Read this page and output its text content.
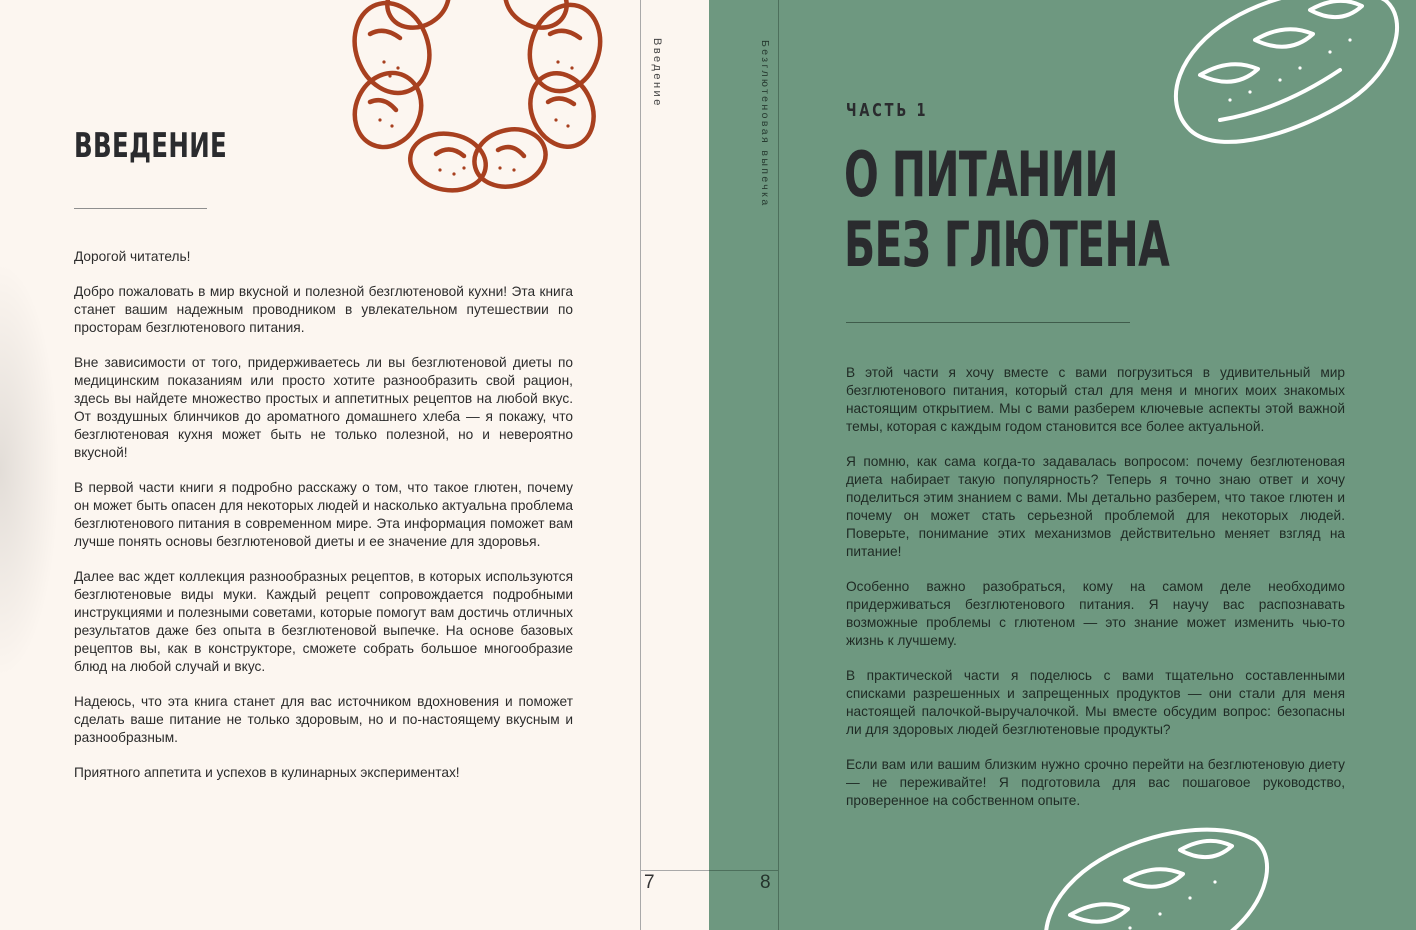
ВВЕДЕНИЕ

Дорогой читатель!

Добро пожаловать в мир вкусной и полезной безглютеновой кухни! Эта книга станет вашим надежным проводником в увлекательном путешествии по просторам безглютенового питания.

Вне зависимости от того, придерживаетесь ли вы безглютеновой диеты по медицинским показаниям или просто хотите разнообразить свой рацион, здесь вы найдете множество простых и аппетитных рецептов на любой вкус. От воздушных блинчиков до ароматного домашнего хлеба — я покажу, что безглютеновая кухня может быть не только полезной, но и невероятно вкусной!

В первой части книги я подробно расскажу о том, что такое глютен, почему он может быть опасен для некоторых людей и насколько актуальна проблема безглютенового питания в современном мире. Эта информация поможет вам лучше понять основы безглютеновой диеты и ее значение для здоровья.

Далее вас ждет коллекция разнообразных рецептов, в которых используются безглютеновые виды муки. Каждый рецепт сопровождается подробными инструкциями и полезными советами, которые помогут вам достичь отличных результатов даже без опыта в безглютеновой выпечке. На основе базовых рецептов вы, как в конструкторе, сможете собрать большое многообразие блюд на любой случай и вкус.

Надеюсь, что эта книга станет для вас источником вдохновения и поможет сделать ваше питание не только здоровым, но и по-настоящему вкусным и разнообразным.

Приятного аппетита и успехов в кулинарных экспериментах!

Введение
7
Безглютеновая выпечка
8
ЧАСТЬ 1
О ПИТАНИИ
БЕЗ ГЛЮТЕНА

В этой части я хочу вместе с вами погрузиться в удивительный мир безглютенового питания, который стал для меня и многих моих знакомых настоящим открытием. Мы с вами разберем ключевые аспекты этой важной темы, которая с каждым годом становится все более актуальной.

Я помню, как сама когда-то задавалась вопросом: почему безглютеновая диета набирает такую популярность? Теперь я точно знаю ответ и хочу поделиться этим знанием с вами. Мы детально разберем, что такое глютен и почему он может стать серьезной проблемой для некоторых людей. Поверьте, понимание этих механизмов действительно меняет взгляд на питание!

Особенно важно разобраться, кому на самом деле необходимо придерживаться безглютенового питания. Я научу вас распознавать возможные проблемы с глютеном — это знание может изменить чью-то жизнь к лучшему.

В практической части я поделюсь с вами тщательно составленными списками разрешенных и запрещенных продуктов — они стали для меня настоящей палочкой-выручалочкой. Мы вместе обсудим вопрос: безопасны ли для здоровых людей безглютеновые продукты?

Если вам или вашим близким нужно срочно перейти на безглютеновую диету — не переживайте! Я подготовила для вас пошаговое руководство, проверенное на собственном опыте.
